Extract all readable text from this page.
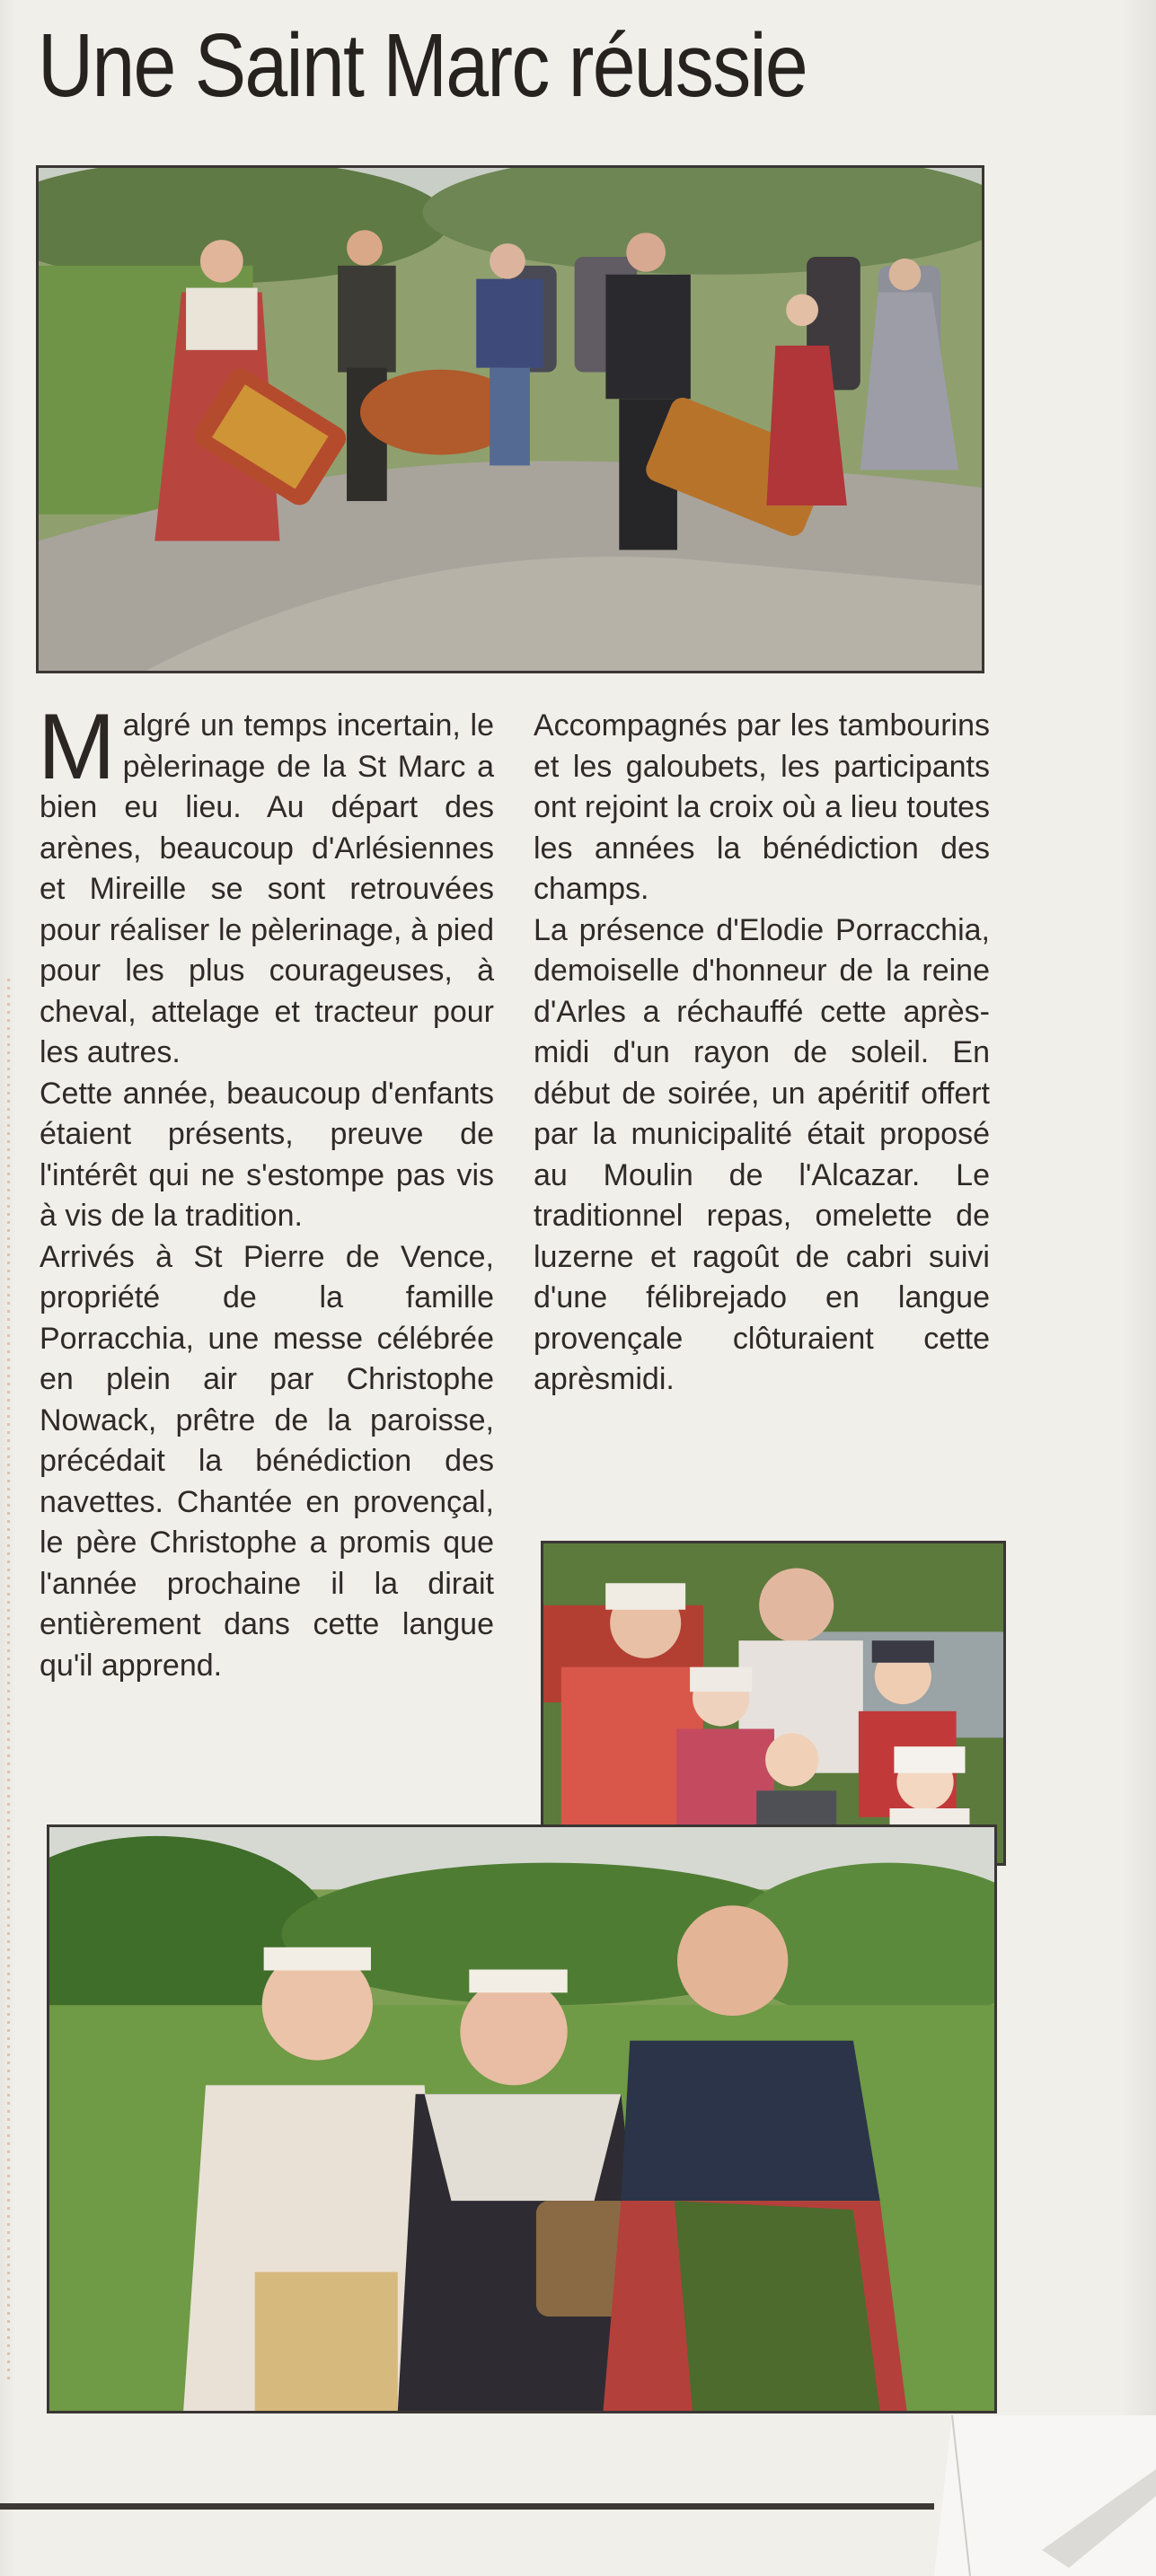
Une Saint Marc réussie

Malgré un temps incertain, le pèlerinage de la St Marc a bien eu lieu. Au départ des arènes, beaucoup d'Arlésiennes et Mireille se sont retrouvées pour réaliser le pèlerinage, à pied pour les plus courageuses, à cheval, attelage et tracteur pour les autres.

Cette année, beaucoup d'enfants étaient présents, preuve de l'intérêt qui ne s'estompe pas vis à vis de la tradition.

Arrivés à St Pierre de Vence, propriété de la famille Porracchia, une messe célébrée en plein air par Christophe Nowack, prêtre de la paroisse, précédait la bénédiction des navettes. Chantée en provençal, le père Christophe a promis que l'année prochaine il la dirait entièrement dans cette langue qu'il apprend.

Accompagnés par les tambourins et les galoubets, les participants ont rejoint la croix où a lieu toutes les années la bénédiction des champs.

La présence d'Elodie Porracchia, demoiselle d'honneur de la reine d'Arles a réchauffé cette après-midi d'un rayon de soleil. En début de soirée, un apéritif offert par la municipalité était proposé au Moulin de l'Alcazar. Le traditionnel repas, omelette de luzerne et ragoût de cabri suivi d'une félibrejado en langue provençale clôturaient cette aprèsmidi.
